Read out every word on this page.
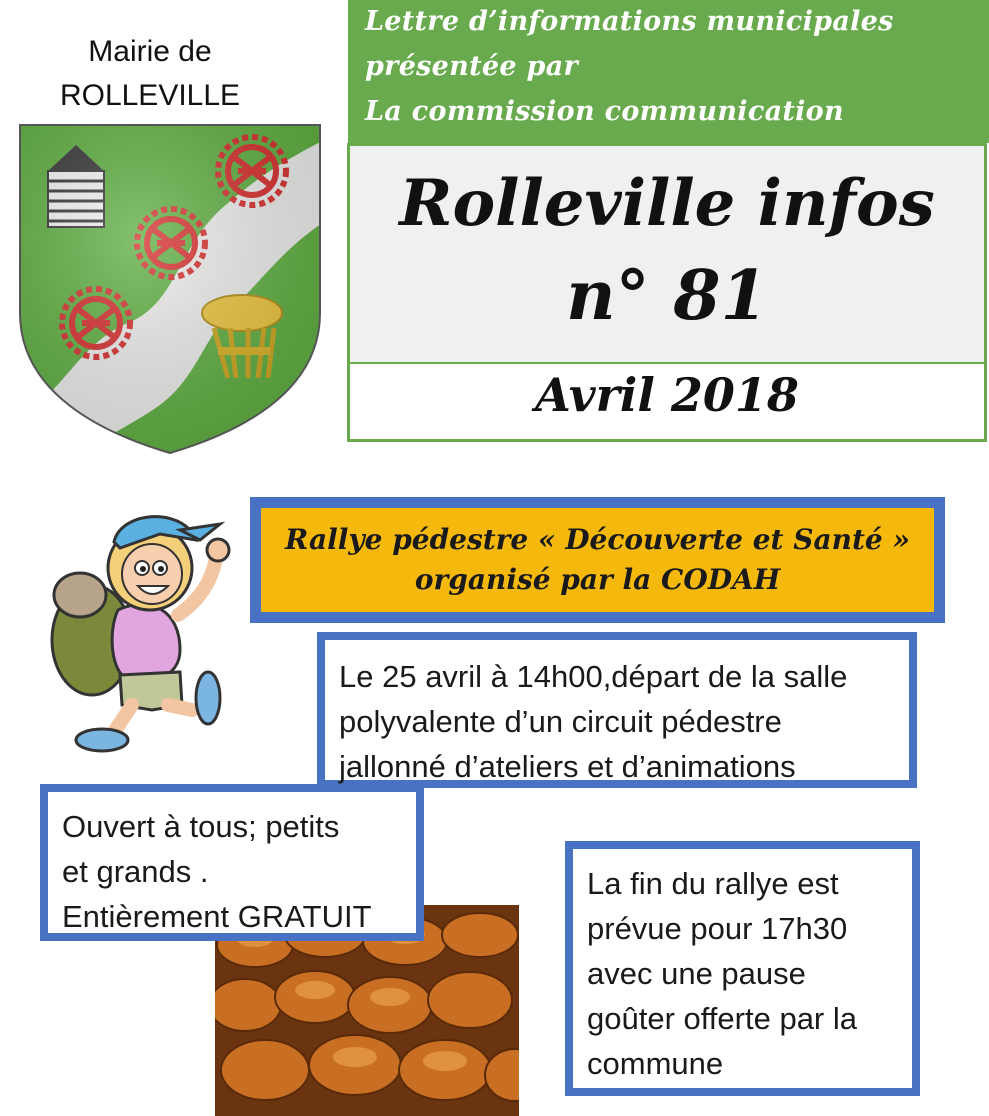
Mairie de
ROLLEVILLE
Lettre d’informations municipales
présentée par
La commission communication
Rolleville infos
n° 81
Avril 2018
Rallye pédestre « Découverte et Santé »
organisé par la CODAH
Le 25 avril à 14h00,départ de la salle
polyvalente d’un circuit pédestre
jallonné d’ateliers et d’animations
Ouvert à tous; petits
et grands .
Entièrement GRATUIT
La fin du rallye est
prévue pour 17h30
avec une pause
goûter offerte par la
commune
